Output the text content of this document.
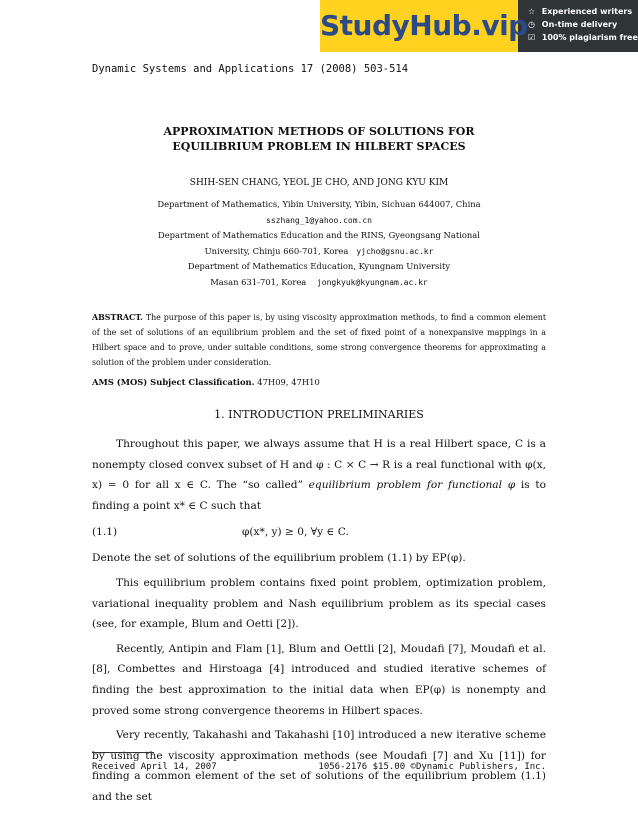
StudyHub.vip ☆ Experienced writers
◷ On-time delivery
☑ 100% plagiarism free
Dynamic Systems and Applications 17 (2008) 503-514
APPROXIMATION METHODS OF SOLUTIONS FOR
EQUILIBRIUM PROBLEM IN HILBERT SPACES
SHIH-SEN CHANG, YEOL JE CHO, AND JONG KYU KIM
Department of Mathematics, Yibin University, Yibin, Sichuan 644007, China
sszhang_1@yahoo.com.cn
Department of Mathematics Education and the RINS, Gyeongsang National
University, Chinju 660-701, Korea yjcho@gsnu.ac.kr
Department of Mathematics Education, Kyungnam University
Masan 631-701, Korea jongkyuk@kyungnam.ac.kr
ABSTRACT. The purpose of this paper is, by using viscosity approximation methods, to find a common element of the set of solutions of an equilibrium problem and the set of fixed point of a nonexpansive mappings in a Hilbert space and to prove, under suitable conditions, some strong convergence theorems for approximating a solution of the problem under consideration.
AMS (MOS) Subject Classification. 47H09, 47H10
1. INTRODUCTION PRELIMINARIES

Throughout this paper, we always assume that H is a real Hilbert space, C is a nonempty closed convex subset of H and φ : C × C → R is a real functional with φ(x, x) = 0 for all x ∈ C. The “so called” equilibrium problem for functional φ is to finding a point x* ∈ C such that

(1.1)	φ(x*, y) ≥ 0, ∀y ∈ C.

Denote the set of solutions of the equilibrium problem (1.1) by EP(φ).

This equilibrium problem contains fixed point problem, optimization problem, variational inequality problem and Nash equilibrium problem as its special cases (see, for example, Blum and Oetti [2]).

Recently, Antipin and Flam [1], Blum and Oettli [2], Moudafi [7], Moudafi et al. [8], Combettes and Hirstoaga [4] introduced and studied iterative schemes of finding the best approximation to the initial data when EP(φ) is nonempty and proved some strong convergence theorems in Hilbert spaces.

Very recently, Takahashi and Takahashi [10] introduced a new iterative scheme by using the viscosity approximation methods (see Moudafi [7] and Xu [11]) for finding a common element of the set of solutions of the equilibrium problem (1.1) and the set

Received April 14, 2007	1056-2176 $15.00 ©Dynamic Publishers, Inc.
